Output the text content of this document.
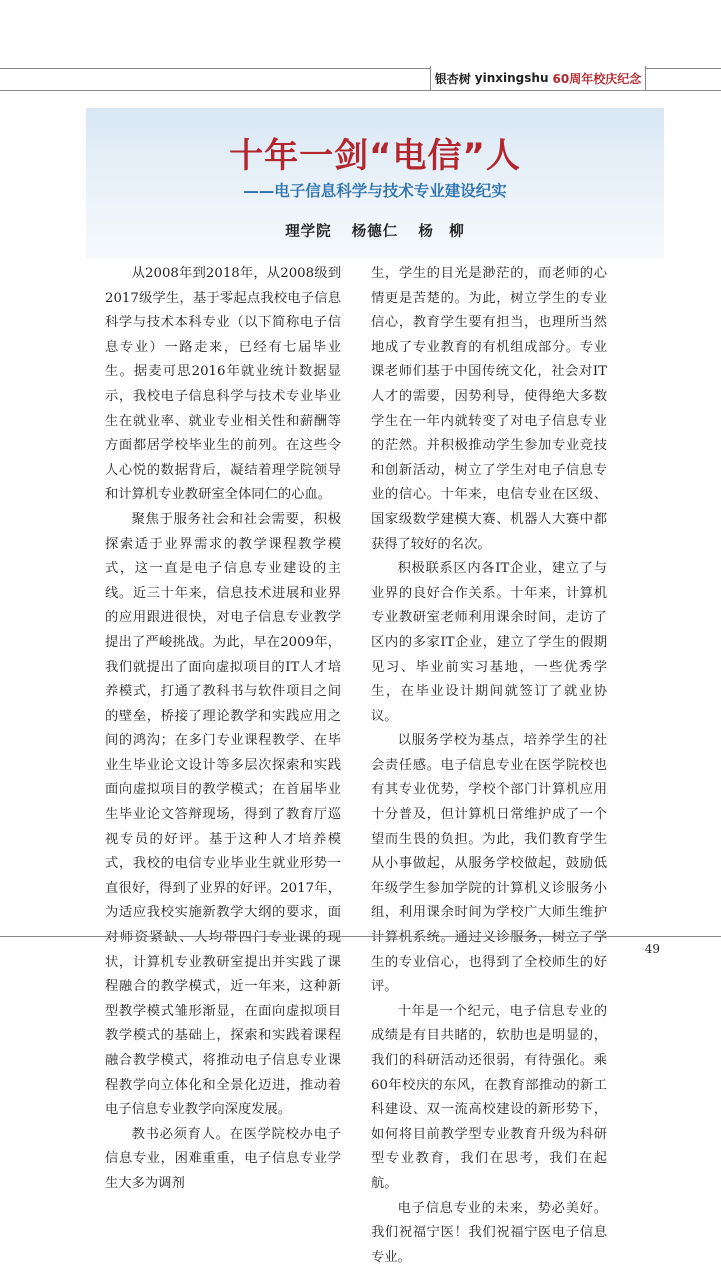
银杏树 yinxingshu 60周年校庆纪念
十年一剑“电信”人
——电子信息科学与技术专业建设纪实
理学院 杨德仁 杨　柳

从2008年到2018年，从2008级到2017级学生，基于零起点我校电子信息科学与技术本科专业（以下简称电子信息专业）一路走来，已经有七届毕业生。据麦可思2016年就业统计数据显示，我校电子信息科学与技术专业毕业生在就业率、就业专业相关性和薪酬等方面都居学校毕业生的前列。在这些令人心悦的数据背后，凝结着理学院领导和计算机专业教研室全体同仁的心血。

聚焦于服务社会和社会需要，积极探索适于业界需求的教学课程教学模式，这一直是电子信息专业建设的主线。近三十年来，信息技术进展和业界的应用跟进很快，对电子信息专业教学提出了严峻挑战。为此，早在2009年，我们就提出了面向虚拟项目的IT人才培养模式，打通了教科书与软件项目之间的壁垒，桥接了理论教学和实践应用之间的鸿沟；在多门专业课程教学、在毕业生毕业论文设计等多层次探索和实践面向虚拟项目的教学模式；在首届毕业生毕业论文答辩现场，得到了教育厅巡视专员的好评。基于这种人才培养模式，我校的电信专业毕业生就业形势一直很好，得到了业界的好评。2017年，为适应我校实施新教学大纲的要求，面对师资紧缺、人均带四门专业课的现状，计算机专业教研室提出并实践了课程融合的教学模式，近一年来，这种新型教学模式雏形渐显，在面向虚拟项目教学模式的基础上，探索和实践着课程融合教学模式，将推动电子信息专业课程教学向立体化和全景化迈进，推动着电子信息专业教学向深度发展。

教书必须育人。在医学院校办电子信息专业，困难重重，电子信息专业学生大多为调剂

生，学生的目光是渺茫的，而老师的心情更是苦楚的。为此，树立学生的专业信心，教育学生要有担当，也理所当然地成了专业教育的有机组成部分。专业课老师们基于中国传统文化，社会对IT人才的需要，因势利导，使得绝大多数学生在一年内就转变了对电子信息专业的茫然。并积极推动学生参加专业竞技和创新活动，树立了学生对电子信息专业的信心。十年来，电信专业在区级、国家级数学建模大赛、机器人大赛中都获得了较好的名次。

积极联系区内各IT企业，建立了与业界的良好合作关系。十年来，计算机专业教研室老师利用课余时间，走访了区内的多家IT企业，建立了学生的假期见习、毕业前实习基地，一些优秀学生，在毕业设计期间就签订了就业协议。

以服务学校为基点，培养学生的社会责任感。电子信息专业在医学院校也有其专业优势，学校个部门计算机应用十分普及，但计算机日常维护成了一个望而生畏的负担。为此，我们教育学生从小事做起，从服务学校做起，鼓励低年级学生参加学院的计算机义诊服务小组，利用课余时间为学校广大师生维护计算机系统。通过义诊服务，树立了学生的专业信心，也得到了全校师生的好评。

十年是一个纪元，电子信息专业的成绩是有目共睹的，软肋也是明显的，我们的科研活动还很弱，有待强化。乘60年校庆的东风，在教育部推动的新工科建设、双一流高校建设的新形势下，如何将目前教学型专业教育升级为科研型专业教育，我们在思考，我们在起航。

电子信息专业的未来，势必美好。我们祝福宁医！我们祝福宁医电子信息专业。

49
